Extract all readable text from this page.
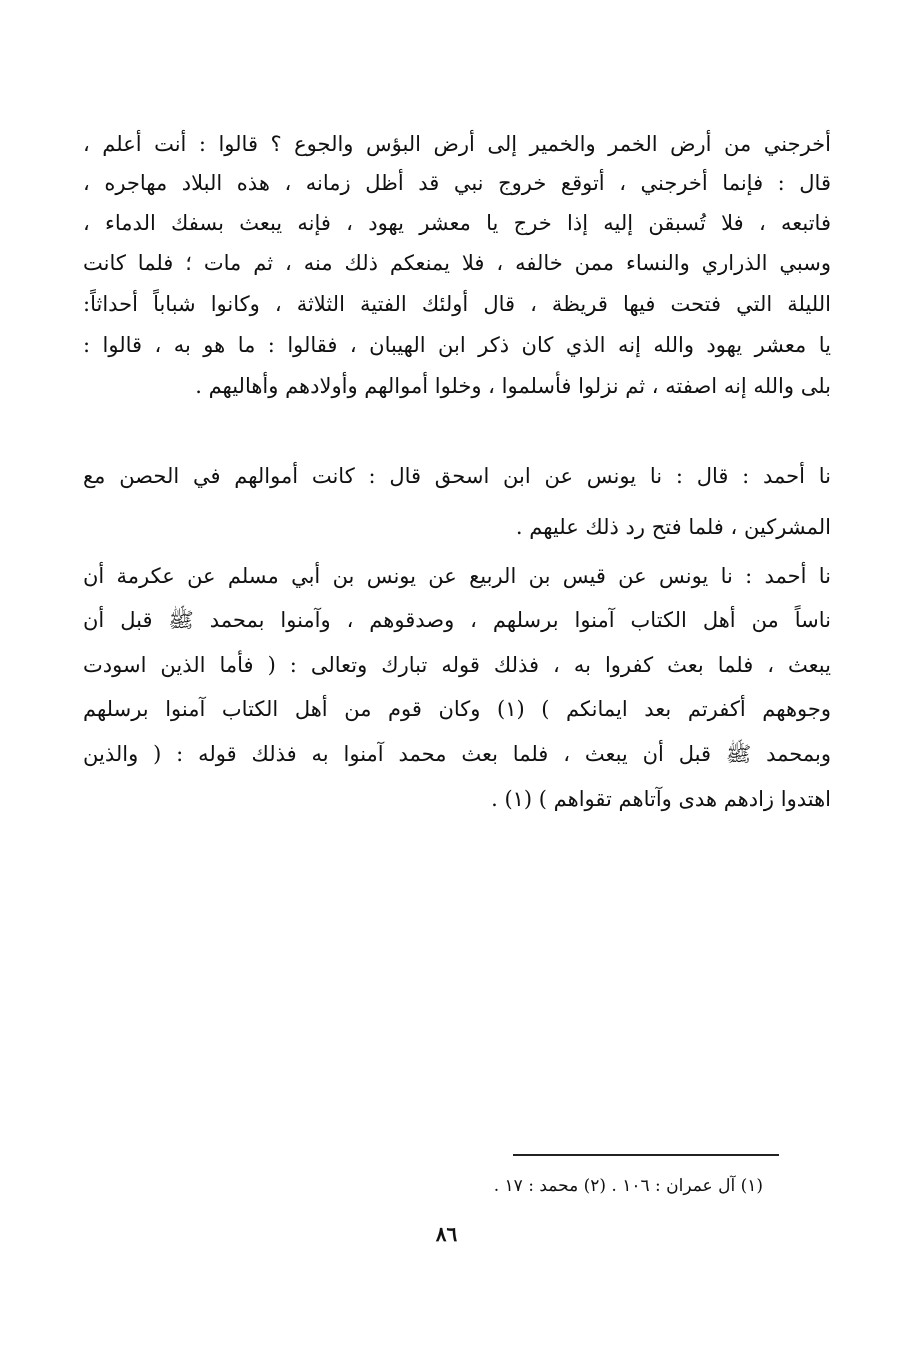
أخرجني من أرض الخمر والخمير إلى أرض البؤس والجوع ؟ قالوا : أنت أعلم ،
قال : فإنما أخرجني ، أتوقع خروج نبي قد أظل زمانه ، هذه البلاد مهاجره ،
فاتبعه ، فلا تُسبقن إليه إذا خرج يا معشر يهود ، فإنه يبعث بسفك الدماء ،
وسبي الذراري والنساء ممن خالفه ، فلا يمنعكم ذلك منه ، ثم مات ؛ فلما كانت
الليلة التي فتحت فيها قريظة ، قال أولئك الفتية الثلاثة ، وكانوا شباباً أحداثاً:
يا معشر يهود والله إنه الذي كان ذكر ابن الهيبان ، فقالوا : ما هو به ، قالوا :
بلى والله إنه اصفته ، ثم نزلوا فأسلموا ، وخلوا أموالهم وأولادهم وأهاليهم .
نا أحمد : قال : نا يونس عن ابن اسحق قال : كانت أموالهم في الحصن مع
المشركين ، فلما فتح رد ذلك عليهم .
نا أحمد : نا يونس عن قيس بن الربيع عن يونس بن أبي مسلم عن عكرمة أن
ناساً من أهل الكتاب آمنوا برسلهم ، وصدقوهم ، وآمنوا بمحمد ﷺ قبل أن
يبعث ، فلما بعث كفروا به ، فذلك قوله تبارك وتعالى : ( فأما الذين اسودت
وجوههم أكفرتم بعد ايمانكم ) (١) وكان قوم من أهل الكتاب آمنوا برسلهم
وبمحمد ﷺ قبل أن يبعث ، فلما بعث محمد آمنوا به فذلك قوله : ( والذين
اهتدوا زادهم هدى وآتاهم تقواهم ) (١) .
(١) آل عمران : ١٠٦ . (٢) محمد : ١٧ .
٨٦
